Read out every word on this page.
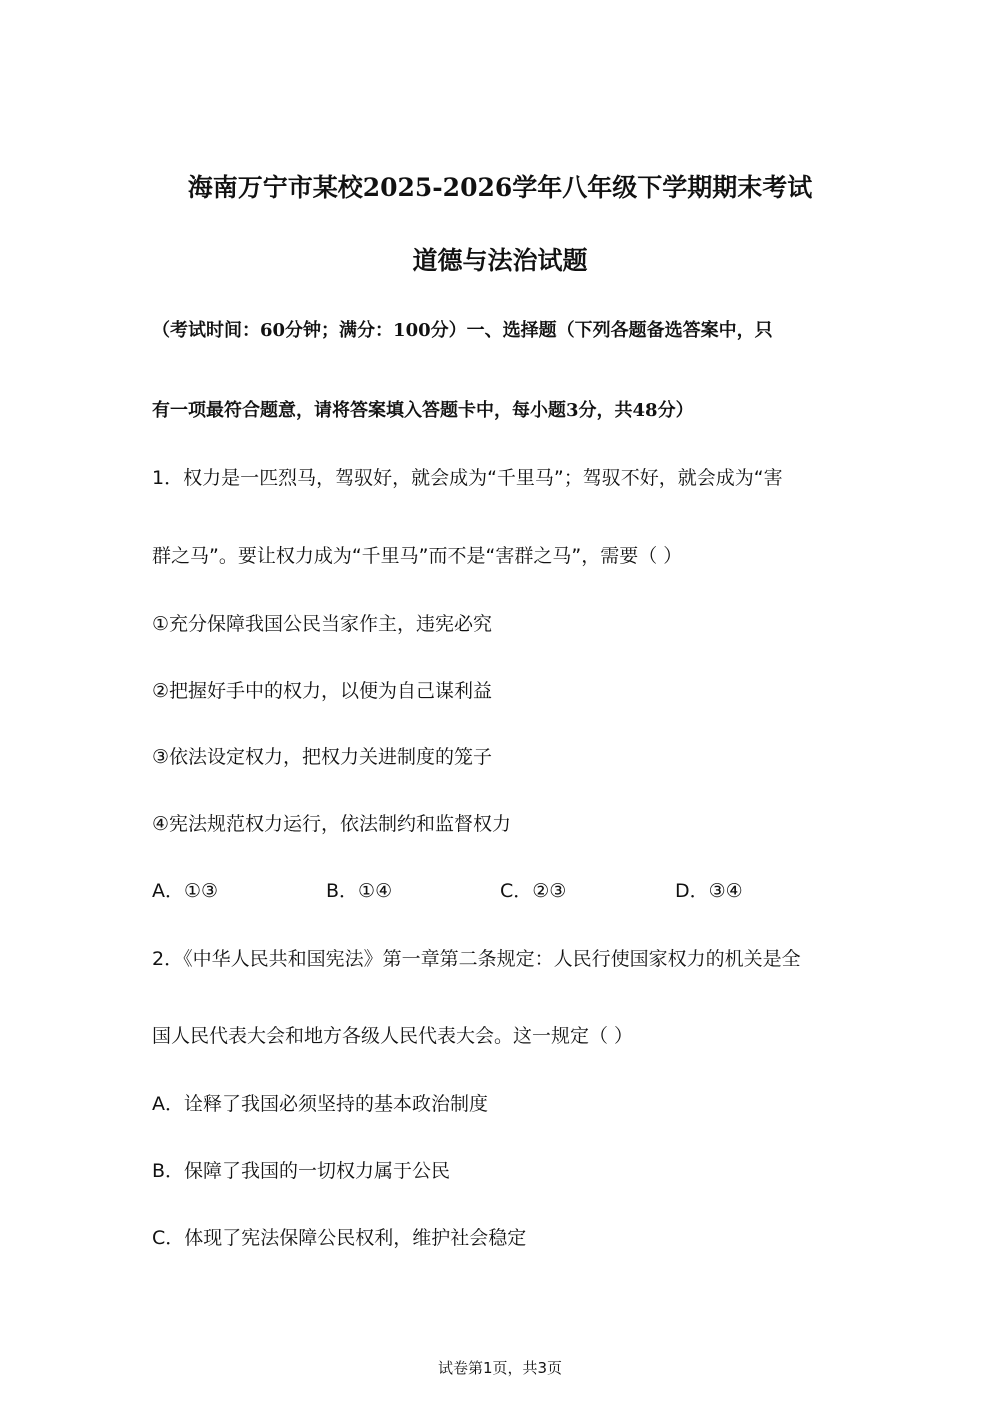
海南万宁市某校2025-2026学年八年级下学期期末考试
道德与法治试题
（考试时间：60分钟；满分：100分）一、选择题（下列各题备选答案中，只
有一项最符合题意，请将答案填入答题卡中，每小题3分，共48分）
1．权力是一匹烈马，驾驭好，就会成为“千里马”；驾驭不好，就会成为“害
群之马”。要让权力成为“千里马”而不是“害群之马”，需要（ ）
①充分保障我国公民当家作主，违宪必究
②把握好手中的权力，以便为自己谋利益
③依法设定权力，把权力关进制度的笼子
④宪法规范权力运行，依法制约和监督权力
A．①③	B．①④	C．②③	D．③④
2．《中华人民共和国宪法》第一章第二条规定：人民行使国家权力的机关是全
国人民代表大会和地方各级人民代表大会。这一规定（ ）
A．诠释了我国必须坚持的基本政治制度
B．保障了我国的一切权力属于公民
C．体现了宪法保障公民权利，维护社会稳定
试卷第1页，共3页
